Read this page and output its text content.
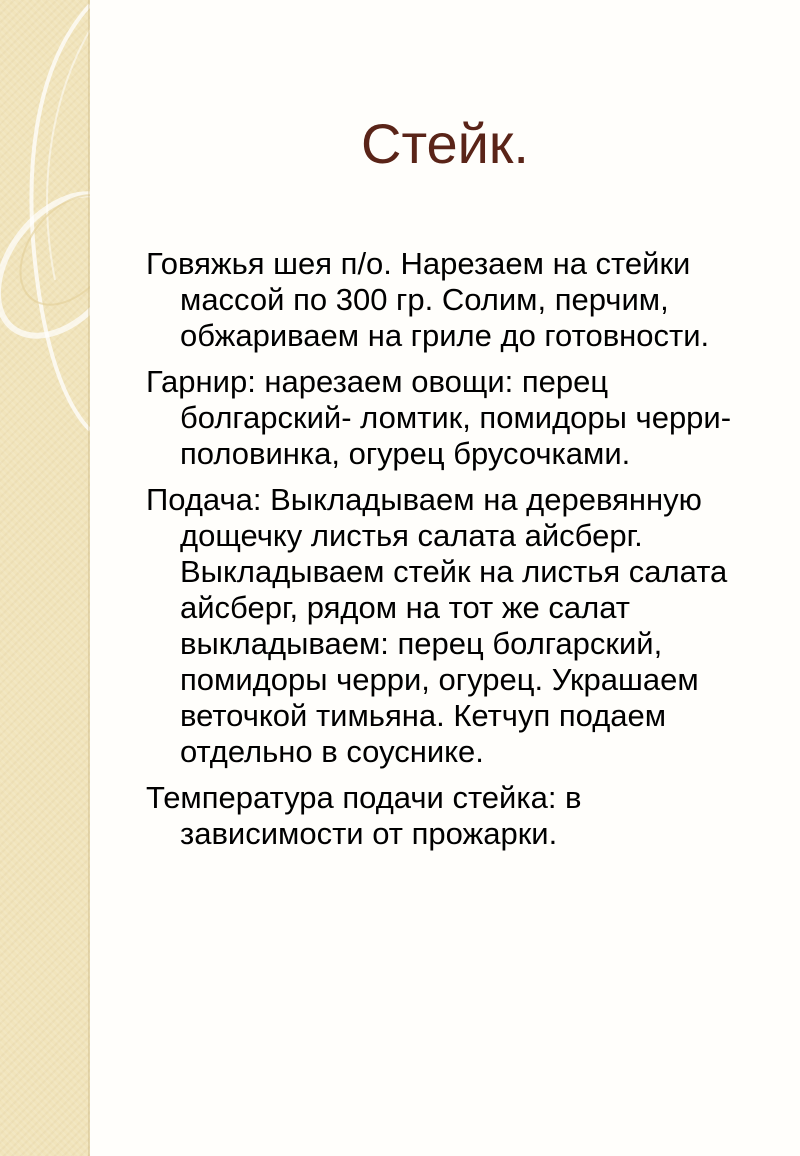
Стейк.

Говяжья шея п/о. Нарезаем на стейки массой по 300 гр. Солим, перчим, обжариваем на гриле до готовности.

Гарнир: нарезаем овощи: перец болгарский- ломтик, помидоры черри- половинка, огурец брусочками.

Подача: Выкладываем на деревянную дощечку листья салата айсберг. Выкладываем стейк на листья салата айсберг, рядом на тот же салат выкладываем: перец болгарский, помидоры черри, огурец. Украшаем веточкой тимьяна. Кетчуп подаем отдельно в соуснике.

Температура подачи стейка: в зависимости от прожарки.
